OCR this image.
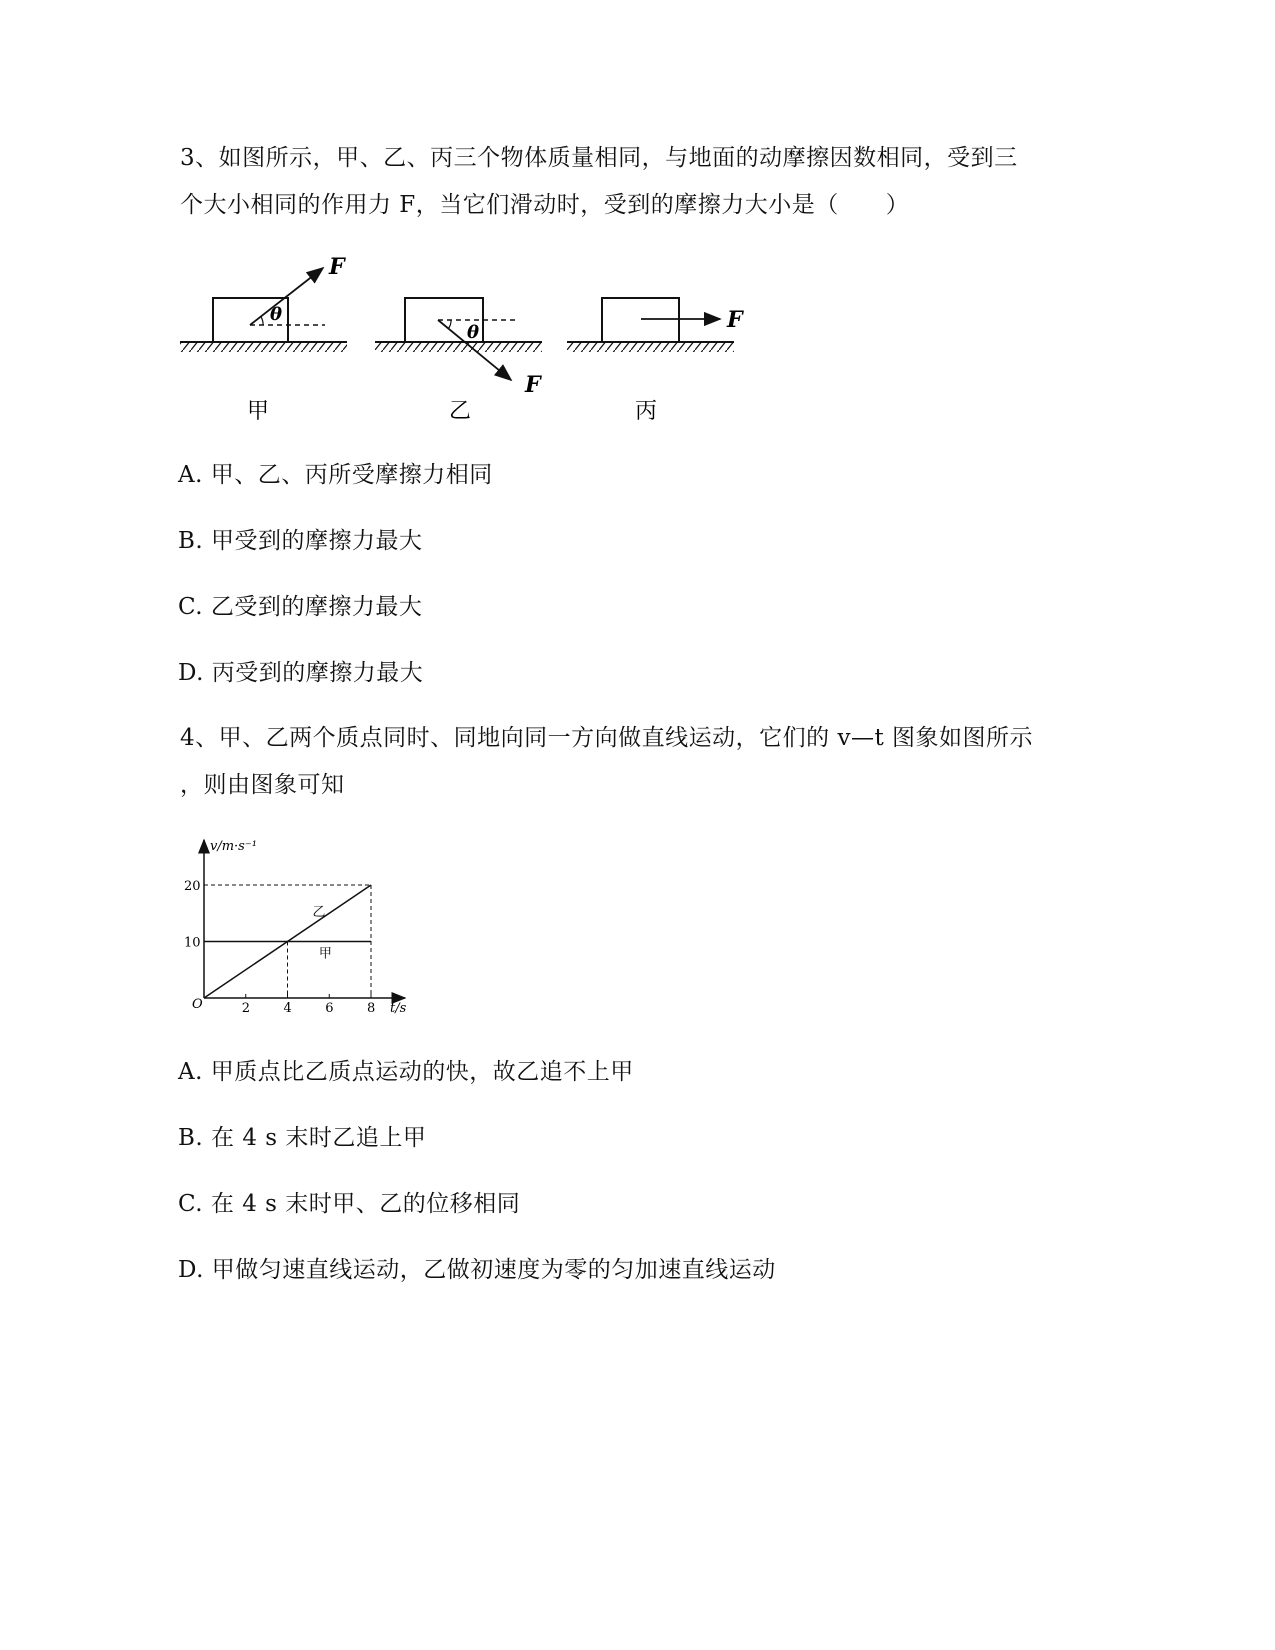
3、如图所示，甲、乙、丙三个物体质量相同，与地面的动摩擦因数相同，受到三
个大小相同的作用力 F，当它们滑动时，受到的摩擦力大小是（　　）
F
θ
甲
θ
F
乙
F
丙
A. 甲、乙、丙所受摩擦力相同
B. 甲受到的摩擦力最大
C. 乙受到的摩擦力最大
D. 丙受到的摩擦力最大
4、甲、乙两个质点同时、同地向同一方向做直线运动，它们的 v—t 图象如图所示
，则由图象可知
甲
乙
2	4	6	8
10
20
v/m·s⁻¹
t/s
O
A. 甲质点比乙质点运动的快，故乙追不上甲
B. 在 4 s 末时乙追上甲
C. 在 4 s 末时甲、乙的位移相同
D. 甲做匀速直线运动，乙做初速度为零的匀加速直线运动
